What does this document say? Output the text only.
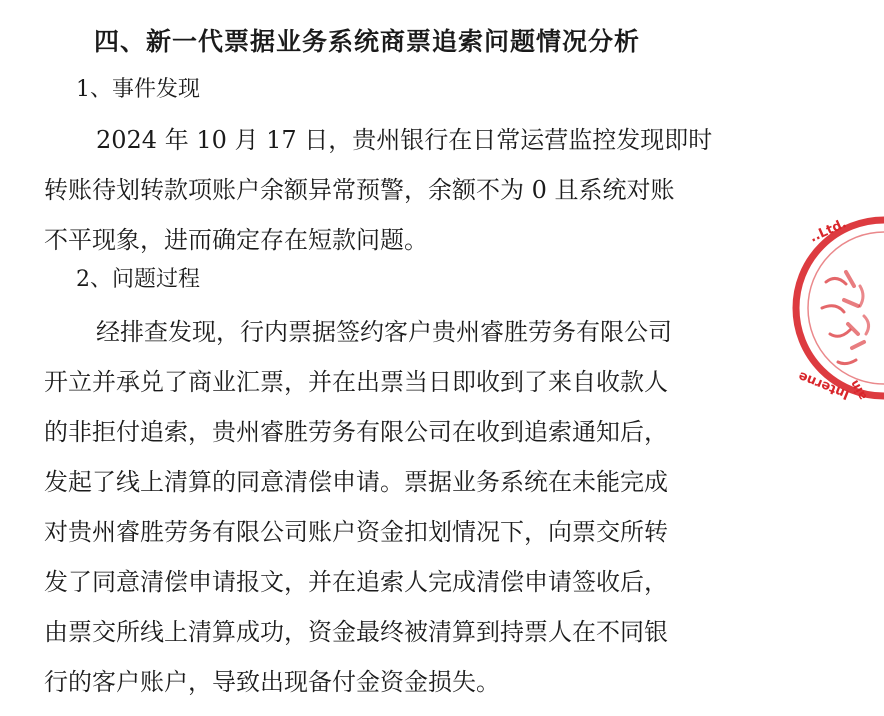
四、新一代票据业务系统商票追索问题情况分析
1、事件发现
2024 年 10 月 17 日，贵州银行在日常运营监控发现即时
转账待划转款项账户余额异常预警，余额不为 0 且系统对账
不平现象，进而确定存在短款问题。
2、问题过程
经排查发现，行内票据签约客户贵州睿胜劳务有限公司
开立并承兑了商业汇票，并在出票当日即收到了来自收款人
的非拒付追索，贵州睿胜劳务有限公司在收到追索通知后，
发起了线上清算的同意清偿申请。票据业务系统在未能完成
对贵州睿胜劳务有限公司账户资金扣划情况下，向票交所转
发了同意清偿申请报文，并在追索人完成清偿申请签收后，
由票交所线上清算成功，资金最终被清算到持票人在不同银
行的客户账户，导致出现备付金资金损失。
..Ltd.
Interne
ain
